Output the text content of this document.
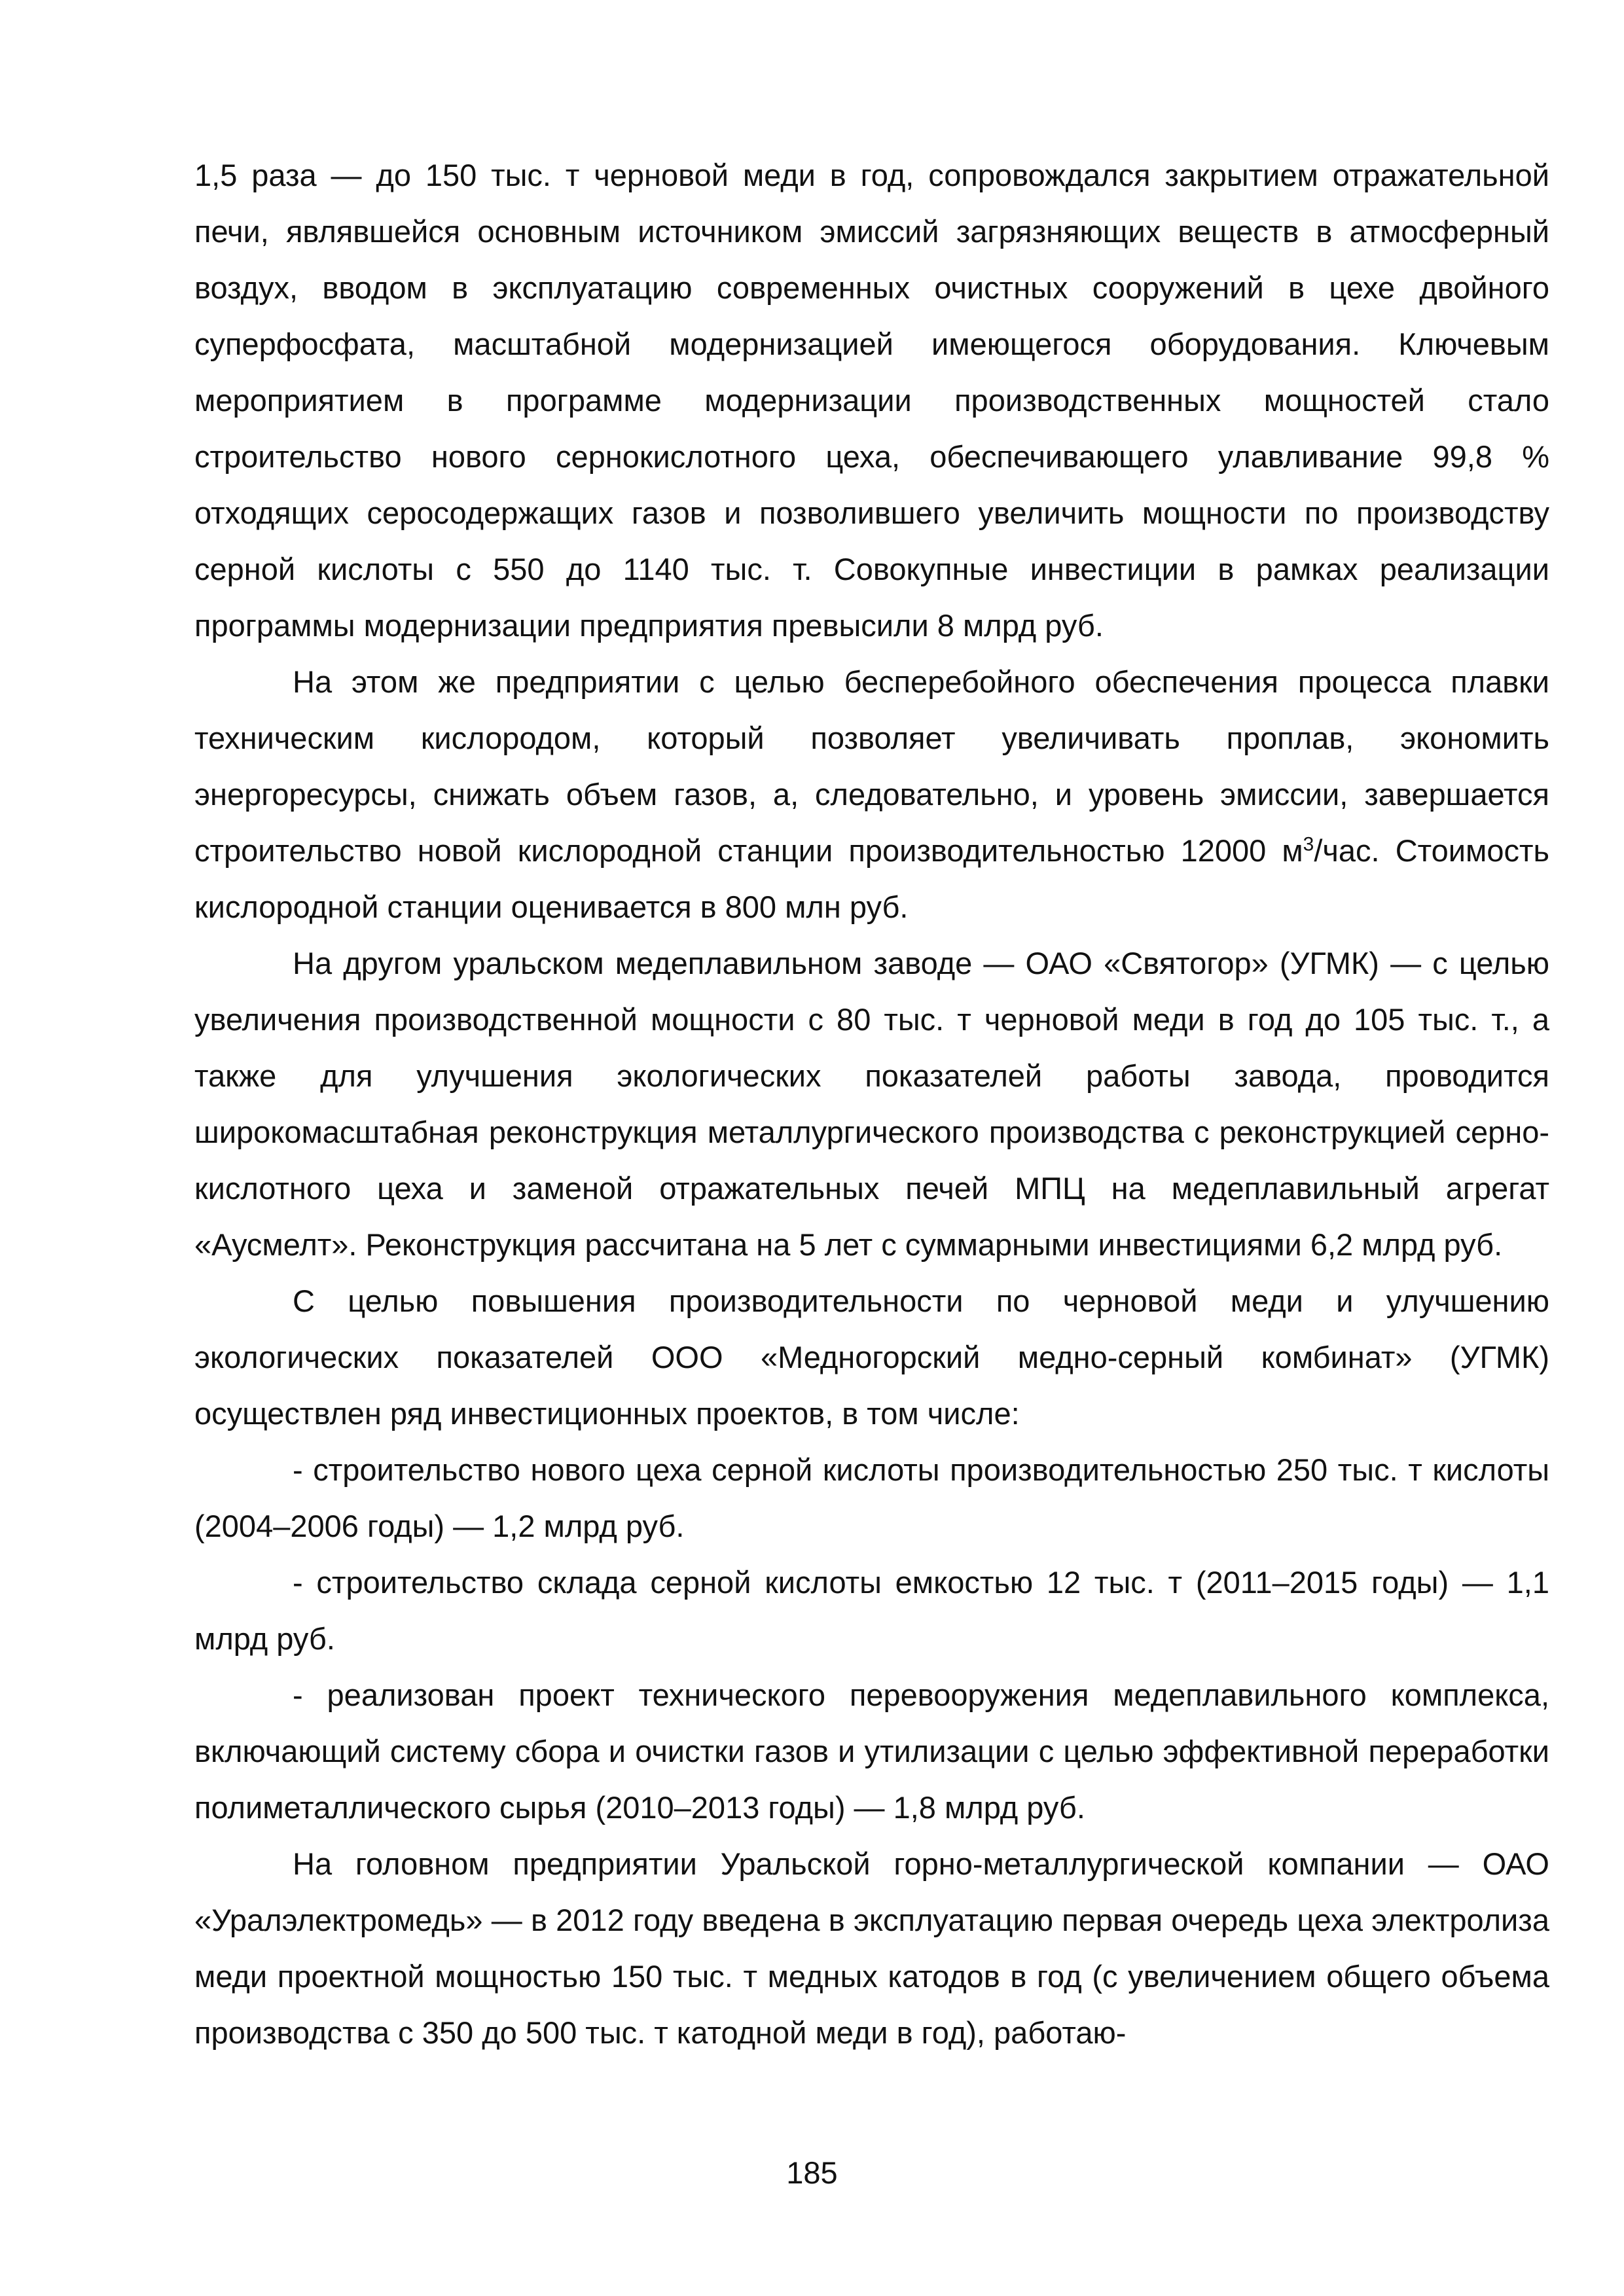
1,5 раза — до 150 тыс. т черновой меди в год, сопровождался закрытием отражательной печи, являвшейся основным источником эмиссий загрязняющих веществ в атмосферный воздух, вводом в эксплуатацию современных очистных сооружений в цехе двойного суперфосфата, масштабной модернизацией имеющегося оборудования. Ключевым мероприятием в программе модернизации производственных мощностей стало строительство нового сернокислотного цеха, обеспечивающего улавливание 99,8 % отходящих серосодержащих газов и позволившего увеличить мощности по производству серной кислоты с 550 до 1140 тыс. т. Совокупные инвестиции в рамках реализации программы модернизации предприятия превысили 8 млрд руб.

На этом же предприятии с целью бесперебойного обеспечения процесса плавки техническим кислородом, который позволяет увеличивать проплав, экономить энергоресурсы, снижать объем газов, а, следовательно, и уровень эмиссии, завершается строительство новой кислородной станции производительностью 12000 $м^3$/час. Стоимость кислородной станции оценивается в 800 млн руб.

На другом уральском медеплавильном заводе — ОАО «Святогор» (УГМК) — с целью увеличения производственной мощности с 80 тыс. т черновой меди в год до 105 тыс. т., а также для улучшения экологических показателей работы завода, проводится широкомасштабная реконструкция металлургического производства с реконструкцией серно-кислотного цеха и заменой отражательных печей МПЦ на медеплавильный агрегат «Аусмелт». Реконструкция рассчитана на 5 лет с суммарными инвестициями 6,2 млрд руб.

С целью повышения производительности по черновой меди и улучшению экологических показателей ООО «Медногорский медно-серный комбинат» (УГМК) осуществлен ряд инвестиционных проектов, в том числе:

- строительство нового цеха серной кислоты производительностью 250 тыс. т кислоты (2004–2006 годы) — 1,2 млрд руб.

- строительство склада серной кислоты емкостью 12 тыс. т (2011–2015 годы) — 1,1 млрд руб.

- реализован проект технического перевооружения медеплавильного комплекса, включающий систему сбора и очистки газов и утилизации с целью эффективной переработки полиметаллического сырья (2010–2013 годы) — 1,8 млрд руб.

На головном предприятии Уральской горно-металлургической компании — ОАО «Уралэлектромедь» — в 2012 году введена в эксплуатацию первая очередь цеха электролиза меди проектной мощностью 150 тыс. т медных катодов в год (с увеличением общего объема производства с 350 до 500 тыс. т катодной меди в год), работаю-

185
